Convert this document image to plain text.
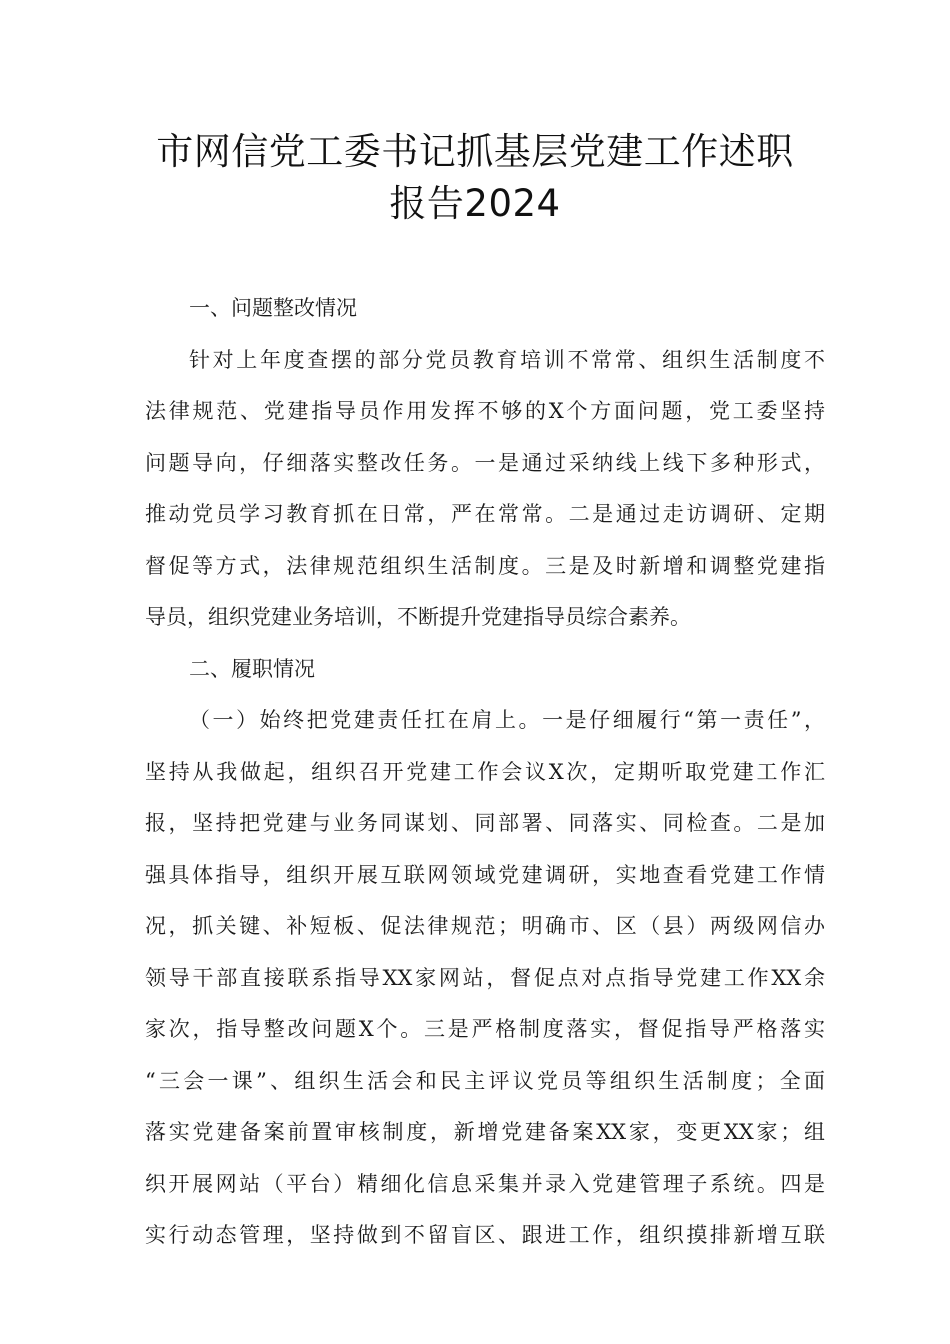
市网信党工委书记抓基层党建工作述职
报告2024
一、问题整改情况
针对上年度查摆的部分党员教育培训不常常、组织生活制度不
法律规范、党建指导员作用发挥不够的X个方面问题，党工委坚持
问题导向，仔细落实整改任务。一是通过采纳线上线下多种形式，
推动党员学习教育抓在日常，严在常常。二是通过走访调研、定期
督促等方式，法律规范组织生活制度。三是及时新增和调整党建指
导员，组织党建业务培训，不断提升党建指导员综合素养。
二、履职情况
（一）始终把党建责任扛在肩上。一是仔细履行“第一责任”，
坚持从我做起，组织召开党建工作会议X次，定期听取党建工作汇
报，坚持把党建与业务同谋划、同部署、同落实、同检查。二是加
强具体指导，组织开展互联网领域党建调研，实地查看党建工作情
况，抓关键、补短板、促法律规范；明确市、区（县）两级网信办
领导干部直接联系指导XX家网站，督促点对点指导党建工作XX余
家次，指导整改问题X个。三是严格制度落实，督促指导严格落实
“三会一课”、组织生活会和民主评议党员等组织生活制度；全面
落实党建备案前置审核制度，新增党建备案XX家，变更XX家；组
织开展网站（平台）精细化信息采集并录入党建管理子系统。四是
实行动态管理，坚持做到不留盲区、跟进工作，组织摸排新增互联
